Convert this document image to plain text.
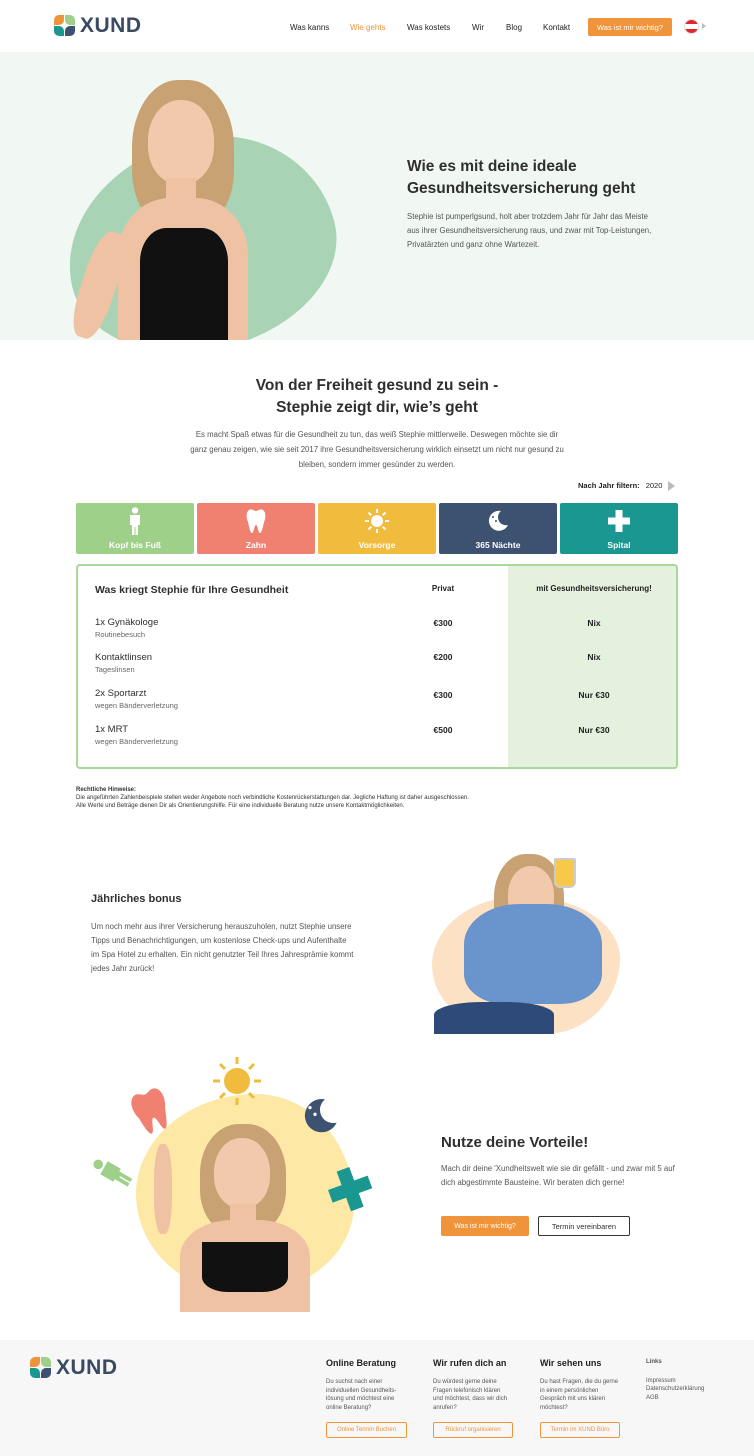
XUND	Was kanns	Wie gehts	Was kostets	Wir	Blog	Kontakt	Was ist mir wichtig?
Wie es mit deine ideale Gesundheitsversicherung geht
Stephie ist pumperlgsund, holt aber trotzdem Jahr für Jahr das Meiste aus ihrer Gesundheitsversicherung raus, und zwar mit Top-Leistungen, Privatärzten und ganz ohne Wartezeit.
Von der Freiheit gesund zu sein -
Stephie zeigt dir, wie’s geht
Es macht Spaß etwas für die Gesundheit zu tun, das weiß Stephie mittlerweile. Deswegen möchte sie dir ganz genau zeigen, wie sie seit 2017 ihre Gesundheitsversicherung wirklich einsetzt um nicht nur gesund zu bleiben, sondern immer gesünder zu werden.
Nach Jahr filtern: 2020
Kopf bis Fuß	Zahn	Vorsorge	365 Nächte	Spital
Was kriegt Stephie für Ihre Gesundheit	Privat	mit Gesundheitsversicherung!
1x Gynäkologe
Routinebesuch
€300	Nix
Kontaktlinsen
Tageslinsen
€200	Nix
2x Sportarzt
wegen Bänderverletzung
€300	Nur €30
1x MRT
wegen Bänderverletzung
€500	Nur €30
Rechtliche Hinweise:
Die angeführten Zahlenbeispiele stellen weder Angebote noch verbindliche Kostenrückerstattungen dar. Jegliche Haftung ist daher ausgeschlossen.
Alle Werte und Beträge dienen Dir als Orientierungshilfe. Für eine individuelle Beratung nutze unsere Kontaktmöglichkeiten.
Jährliches bonus
Um noch mehr aus ihrer Versicherung herauszuholen, nutzt Stephie unsere Tipps und Benachrichtigungen, um kostenlose Check-ups und Aufenthalte im Spa Hotel zu erhalten. Ein nicht genutzter Teil Ihres Jahresprämie kommt jedes Jahr zurück!
Nutze deine Vorteile!
Mach dir deine 'Xundheitswelt wie sie dir gefällt - und zwar mit 5 auf dich abgestimmte Bausteine. Wir beraten dich gerne!
Was ist mir wichtig?	Termin vereinbaren
XUND	Online Beratung
Du suchst nach einer individuellen Gesundheits-lösung und möchtest eine online Beratung?
Online Termin Buchen
Wir rufen dich an
Du würdest gerne deine Fragen telefonisch klären und möchtest, dass wir dich anrufen?
Rückruf organisieren
Wir sehen uns
Du hast Fragen, die du gerne in einem persönlichen Gespräch mit uns klären möchtest?
Termin im XUND Büro
Links
Impressum
Datenschutzerklärung
AGB
